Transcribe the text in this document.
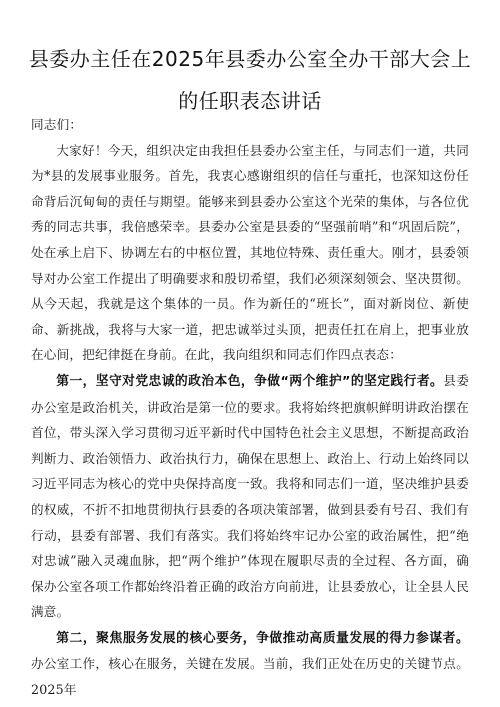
县委办主任在2025年县委办公室全办干部大会上的任职表态讲话

同志们：

大家好！今天，组织决定由我担任县委办公室主任，与同志们一道，共同为*县的发展事业服务。首先，我衷心感谢组织的信任与重托，也深知这份任命背后沉甸甸的责任与期望。能够来到县委办公室这个光荣的集体，与各位优秀的同志共事，我倍感荣幸。县委办公室是县委的“坚强前哨”和“巩固后院”，处在承上启下、协调左右的中枢位置，其地位特殊、责任重大。刚才，县委领导对办公室工作提出了明确要求和殷切希望，我们必须深刻领会、坚决贯彻。从今天起，我就是这个集体的一员。作为新任的“班长”，面对新岗位、新使命、新挑战，我将与大家一道，把忠诚举过头顶，把责任扛在肩上，把事业放在心间，把纪律挺在身前。在此，我向组织和同志们作四点表态：

第一，坚守对党忠诚的政治本色，争做“两个维护”的坚定践行者。县委办公室是政治机关，讲政治是第一位的要求。我将始终把旗帜鲜明讲政治摆在首位，带头深入学习贯彻习近平新时代中国特色社会主义思想，不断提高政治判断力、政治领悟力、政治执行力，确保在思想上、政治上、行动上始终同以习近平同志为核心的党中央保持高度一致。我将和同志们一道，坚决维护县委的权威，不折不扣地贯彻执行县委的各项决策部署，做到县委有号召、我们有行动，县委有部署、我们有落实。我们将始终牢记办公室的政治属性，把“绝对忠诚”融入灵魂血脉，把“两个维护”体现在履职尽责的全过程、各方面，确保办公室各项工作都始终沿着正确的政治方向前进，让县委放心，让全县人民满意。

第二，聚焦服务发展的核心要务，争做推动高质量发展的得力参谋者。办公室工作，核心在服务，关键在发展。当前，我们正处在历史的关键节点。2025年
